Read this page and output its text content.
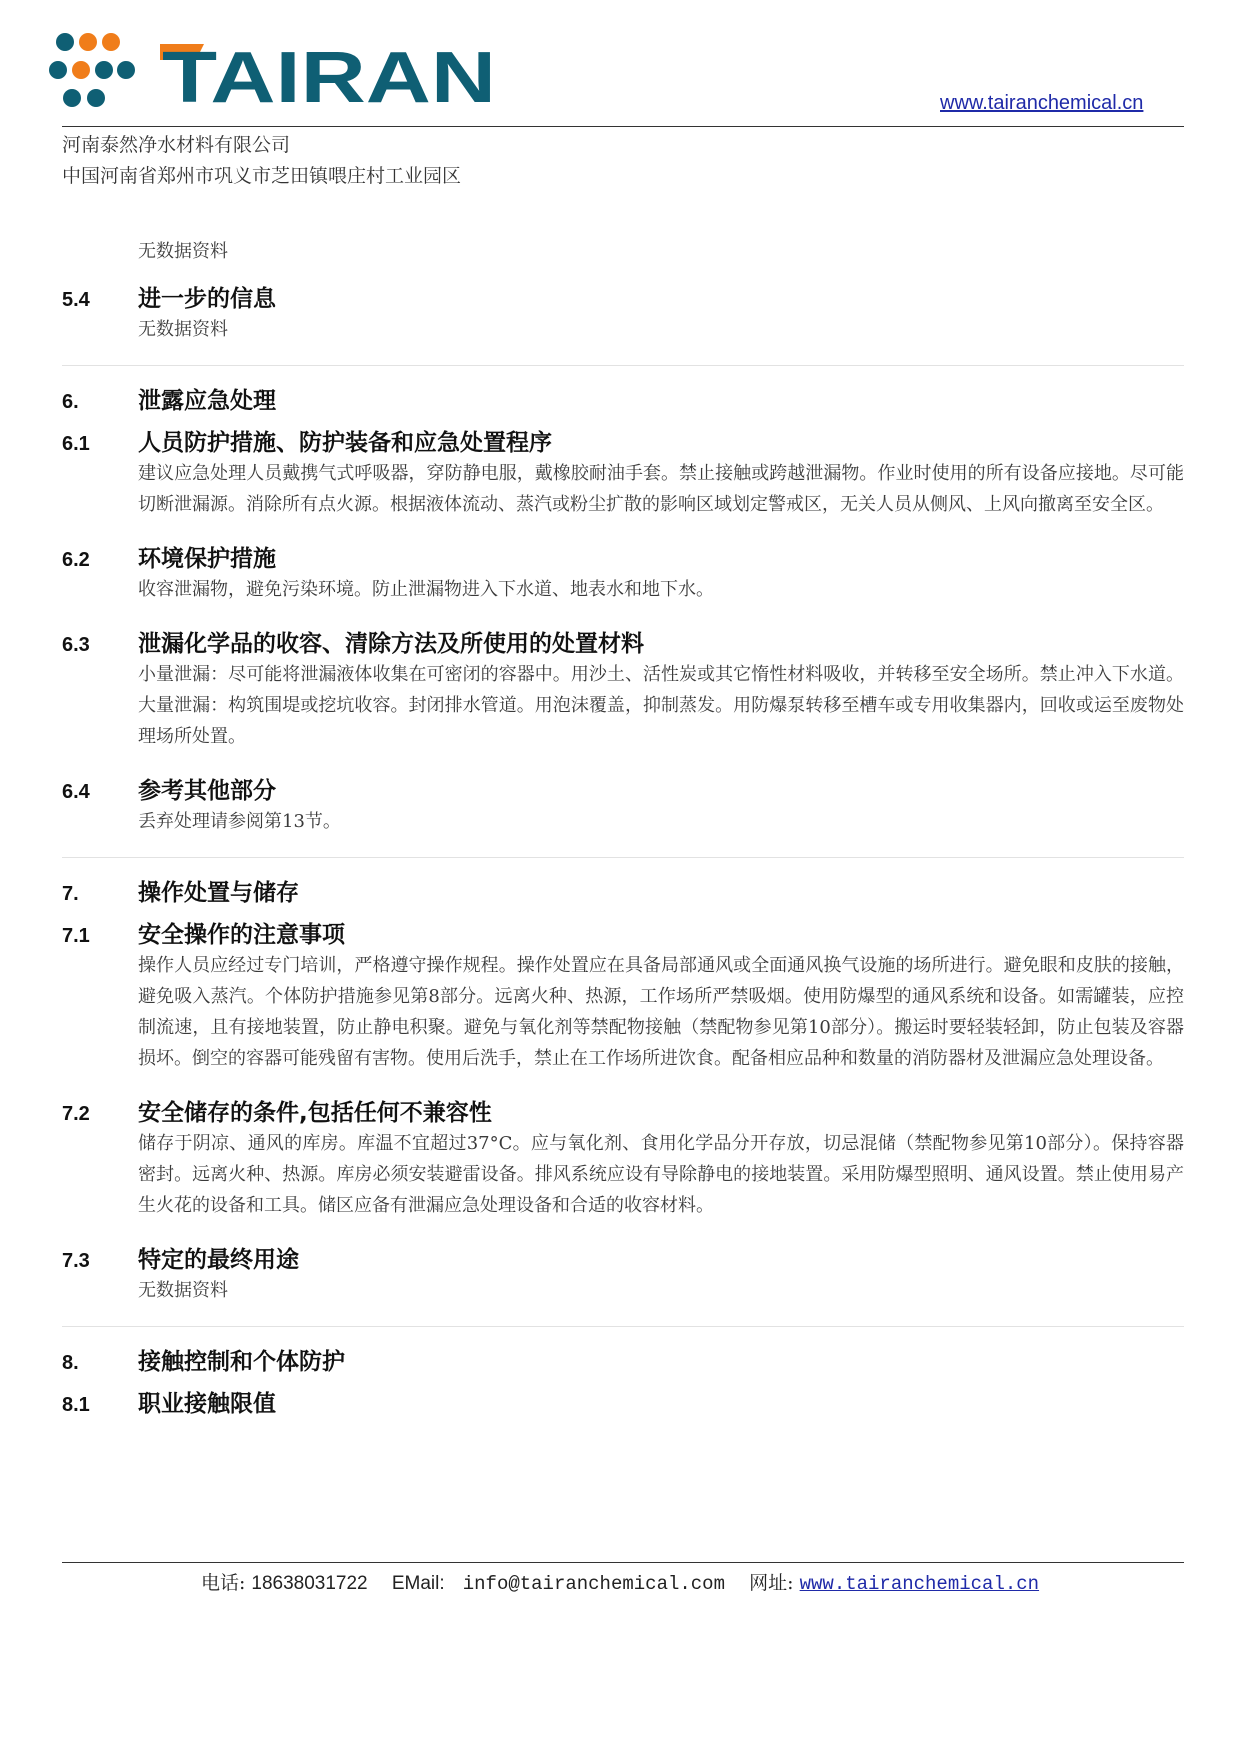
TAIRAN	www.tairanchemical.cn
河南泰然净水材料有限公司
中国河南省郑州市巩义市芝田镇喂庄村工业园区

无数据资料

5.4	进一步的信息

无数据资料

6.	泄露应急处理
6.1	人员防护措施、防护装备和应急处置程序

建议应急处理人员戴携气式呼吸器，穿防静电服，戴橡胶耐油手套。禁止接触或跨越泄漏物。作业时使用的所有设备应接地。尽可能切断泄漏源。消除所有点火源。根据液体流动、蒸汽或粉尘扩散的影响区域划定警戒区，无关人员从侧风、上风向撤离至安全区。

6.2	环境保护措施

收容泄漏物，避免污染环境。防止泄漏物进入下水道、地表水和地下水。

6.3	泄漏化学品的收容、清除方法及所使用的处置材料

小量泄漏：尽可能将泄漏液体收集在可密闭的容器中。用沙土、活性炭或其它惰性材料吸收，并转移至安全场所。禁止冲入下水道。大量泄漏：构筑围堤或挖坑收容。封闭排水管道。用泡沫覆盖，抑制蒸发。用防爆泵转移至槽车或专用收集器内，回收或运至废物处理场所处置。

6.4	参考其他部分

丢弃处理请参阅第13节。

7.	操作处置与储存
7.1	安全操作的注意事项

操作人员应经过专门培训，严格遵守操作规程。操作处置应在具备局部通风或全面通风换气设施的场所进行。避免眼和皮肤的接触，避免吸入蒸汽。个体防护措施参见第8部分。远离火种、热源，工作场所严禁吸烟。使用防爆型的通风系统和设备。如需罐装，应控制流速，且有接地装置，防止静电积聚。避免与氧化剂等禁配物接触（禁配物参见第10部分）。搬运时要轻装轻卸，防止包装及容器损坏。倒空的容器可能残留有害物。使用后洗手，禁止在工作场所进饮食。配备相应品种和数量的消防器材及泄漏应急处理设备。

7.2	安全储存的条件,包括任何不兼容性

储存于阴凉、通风的库房。库温不宜超过37°C。应与氧化剂、食用化学品分开存放，切忌混储（禁配物参见第10部分）。保持容器密封。远离火种、热源。库房必须安装避雷设备。排风系统应设有导除静电的接地装置。采用防爆型照明、通风设置。禁止使用易产生火花的设备和工具。储区应备有泄漏应急处理设备和合适的收容材料。

7.3	特定的最终用途

无数据资料

8.	接触控制和个体防护
8.1	职业接触限值
电话: 18638031722 EMail: info@tairanchemical.com 网址: www.tairanchemical.cn
